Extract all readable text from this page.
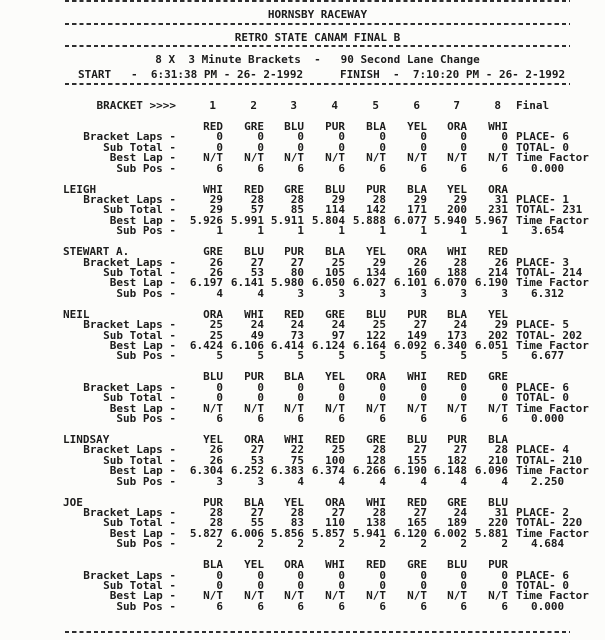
HORNSBY RACEWAY
RETRO STATE CANAM FINAL B
8 X  3 Minute Brackets  -   90 Second Lane Change
START   -  6:31:38 PM - 26- 2-1992	FINISH  -  7:10:20 PM - 26- 2-1992
BRACKET >>>>	1	2	3	4	5	6	7	8	Final
RED	GRE	BLU	PUR	BLA	YEL	ORA	WHI
Bracket Laps -	0	0	0	0	0	0	0	0 PLACE- 6
Sub Total -	0	0	0	0	0	0	0	0 TOTAL- 0
Best Lap -	N/T	N/T	N/T	N/T	N/T	N/T	N/T	N/T Time Factor
Sub Pos -	6	6	6	6	6	6	6	6	0.000
LEIGH	WHI	RED	GRE	BLU	PUR	BLA	YEL	ORA
Bracket Laps -	29	28	28	29	28	29	29	31 PLACE- 1
Sub Total -	29	57	85	114	142	171	200	231 TOTAL- 231
Best Lap -	5.926 5.991 5.911 5.804 5.888 6.077 5.940 5.967 Time Factor
Sub Pos -	1	1	1	1	1	1	1	1	3.654
STEWART A.	GRE	BLU	PUR	BLA	YEL	ORA	WHI	RED
Bracket Laps -	26	27	27	25	29	26	28	26 PLACE- 3
Sub Total -	26	53	80	105	134	160	188	214 TOTAL- 214
Best Lap -	6.197 6.141 5.980 6.050 6.027 6.101 6.070 6.190 Time Factor
Sub Pos -	4	4	3	3	3	3	3	3	6.312
NEIL	ORA	WHI	RED	GRE	BLU	PUR	BLA	YEL
Bracket Laps -	25	24	24	24	25	27	24	29 PLACE- 5
Sub Total -	25	49	73	97	122	149	173	202 TOTAL- 202
Best Lap -	6.424 6.106 6.414 6.124 6.164 6.092 6.340 6.051 Time Factor
Sub Pos -	5	5	5	5	5	5	5	5	6.677
BLU	PUR	BLA	YEL	ORA	WHI	RED	GRE
Bracket Laps -	0	0	0	0	0	0	0	0 PLACE- 6
Sub Total -	0	0	0	0	0	0	0	0 TOTAL- 0
Best Lap -	N/T	N/T	N/T	N/T	N/T	N/T	N/T	N/T Time Factor
Sub Pos -	6	6	6	6	6	6	6	6	0.000
LINDSAY	YEL	ORA	WHI	RED	GRE	BLU	PUR	BLA
Bracket Laps -	26	27	22	25	28	27	27	28 PLACE- 4
Sub Total -	26	53	75	100	128	155	182	210 TOTAL- 210
Best Lap -	6.304 6.252 6.383 6.374 6.266 6.190 6.148 6.096 Time Factor
Sub Pos -	3	3	4	4	4	4	4	4	2.250
JOE	PUR	BLA	YEL	ORA	WHI	RED	GRE	BLU
Bracket Laps -	28	27	28	27	28	27	24	31 PLACE- 2
Sub Total -	28	55	83	110	138	165	189	220 TOTAL- 220
Best Lap -	5.827 6.006 5.856 5.857 5.941 6.120 6.002 5.881 Time Factor
Sub Pos -	2	2	2	2	2	2	2	2	4.684
BLA	YEL	ORA	WHI	RED	GRE	BLU	PUR
Bracket Laps -	0	0	0	0	0	0	0	0 PLACE- 6
Sub Total -	0	0	0	0	0	0	0	0 TOTAL- 0
Best Lap -	N/T	N/T	N/T	N/T	N/T	N/T	N/T	N/T Time Factor
Sub Pos -	6	6	6	6	6	6	6	6	0.000
